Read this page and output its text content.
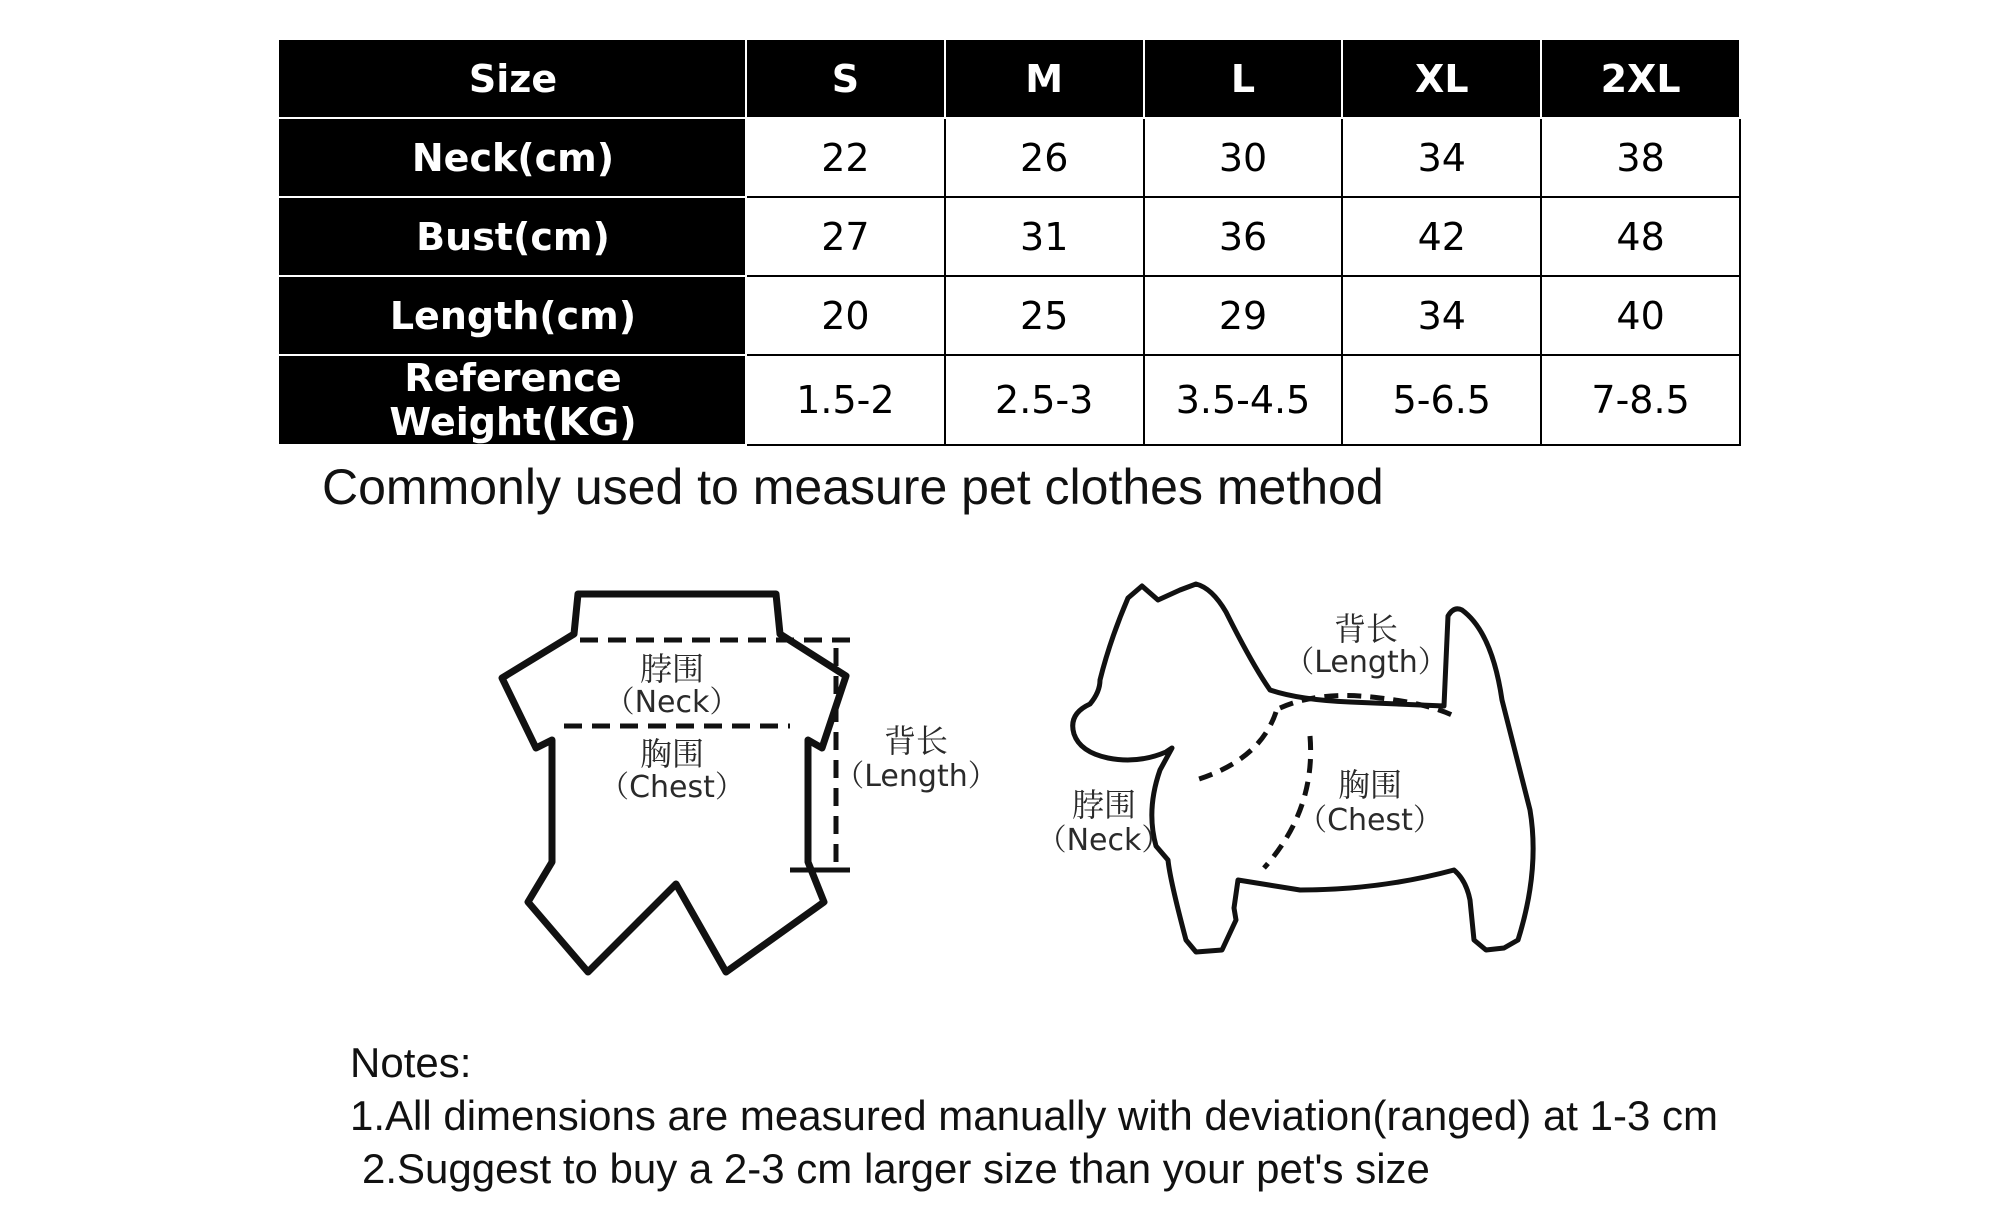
Size	S	M	L	XL	2XL
Neck(cm)	22	26	30	34	38
Bust(cm)	27	31	36	42	48
Length(cm)	20	25	29	34	40
Reference Weight(KG)	1.5-2	2.5-3	3.5-4.5	5-6.5	7-8.5
Commonly used to measure pet clothes method
脖围
（Neck）
胸围
（Chest）
背长
（Length）
背长
（Length）
脖围
（Neck）
胸围
（Chest）
Notes:
1.All dimensions are measured manually with deviation(ranged) at 1-3 cm
2.Suggest to buy a 2-3 cm larger size than your pet's size
